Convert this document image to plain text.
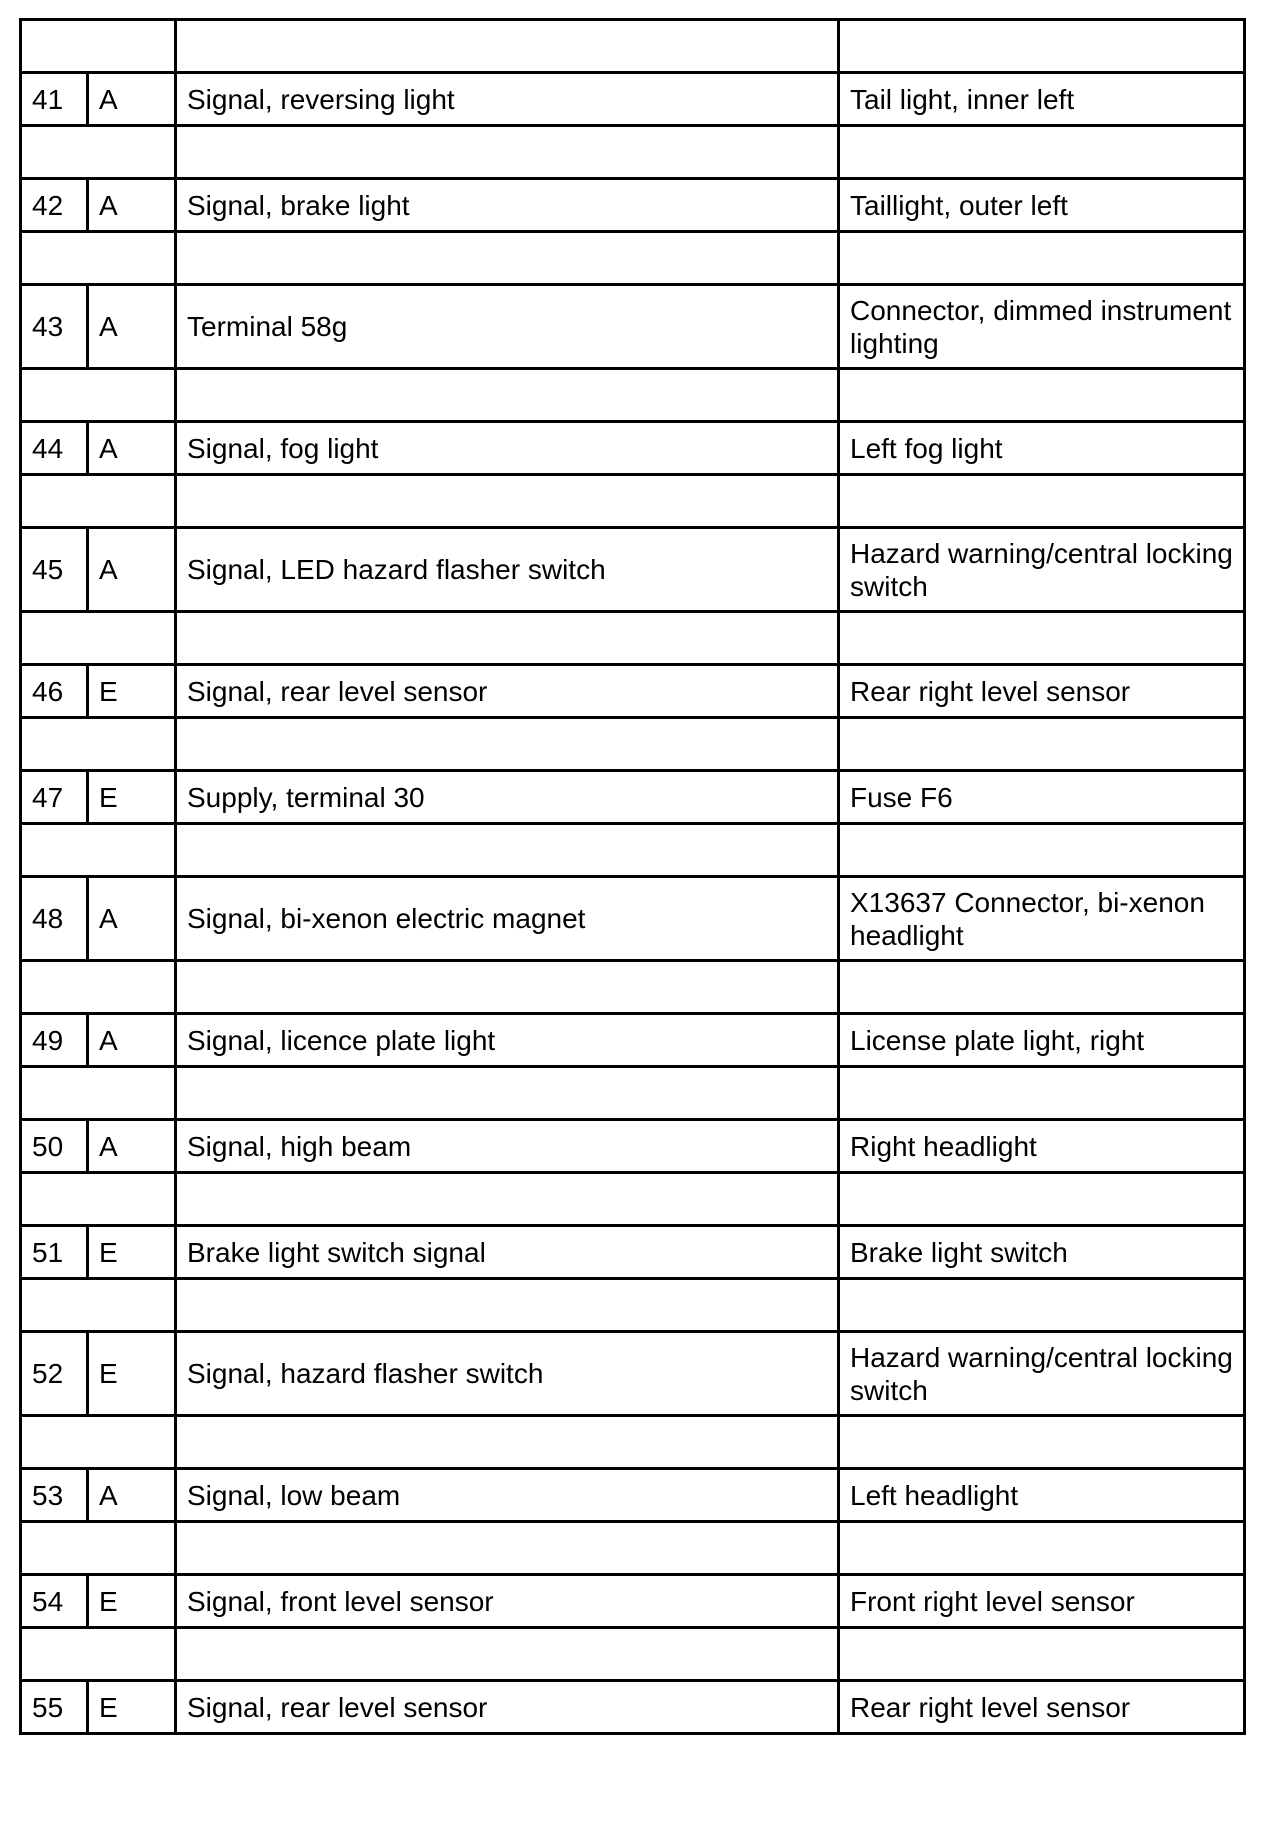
41	A	Signal, reversing light	Tail light, inner left

42	A	Signal, brake light	Taillight, outer left

43	A	Terminal 58g	Connector, dimmed instrument lighting

44	A	Signal, fog light	Left fog light

45	A	Signal, LED hazard flasher switch	Hazard warning/central locking switch

46	E	Signal, rear level sensor	Rear right level sensor

47	E	Supply, terminal 30	Fuse F6

48	A	Signal, bi-xenon electric magnet	X13637 Connector, bi-xenon headlight

49	A	Signal, licence plate light	License plate light, right

50	A	Signal, high beam	Right headlight

51	E	Brake light switch signal	Brake light switch

52	E	Signal, hazard flasher switch	Hazard warning/central locking switch

53	A	Signal, low beam	Left headlight

54	E	Signal, front level sensor	Front right level sensor

55	E	Signal, rear level sensor	Rear right level sensor
